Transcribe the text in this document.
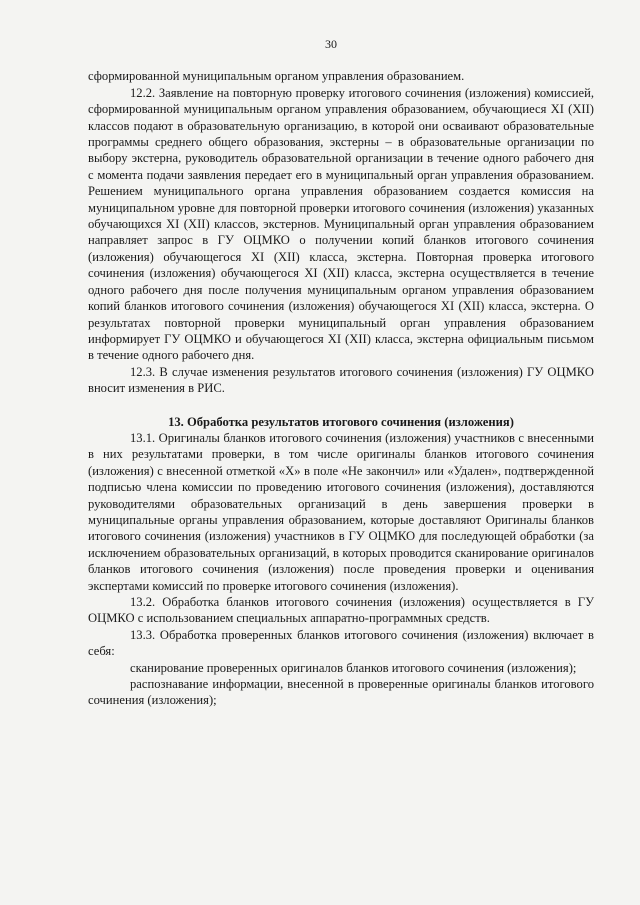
30

сформированной муниципальным органом управления образованием.

12.2. Заявление на повторную проверку итогового сочинения (изложения) комиссией, сформированной муниципальным органом управления образованием, обучающиеся XI (XII) классов подают в образовательную организацию, в которой они осваивают образовательные программы среднего общего образования, экстерны – в образовательные организации по выбору экстерна, руководитель образовательной организации в течение одного рабочего дня с момента подачи заявления передает его в муниципальный орган управления образованием. Решением муниципального органа управления образованием создается комиссия на муниципальном уровне для повторной проверки итогового сочинения (изложения) указанных обучающихся XI (XII) классов, экстернов. Муниципальный орган управления образованием направляет запрос в ГУ ОЦМКО о получении копий бланков итогового сочинения (изложения) обучающегося XI (XII) класса, экстерна. Повторная проверка итогового сочинения (изложения) обучающегося XI (XII) класса, экстерна осуществляется в течение одного рабочего дня после получения муниципальным органом управления образованием копий бланков итогового сочинения (изложения) обучающегося XI (XII) класса, экстерна. О результатах повторной проверки муниципальный орган управления образованием информирует ГУ ОЦМКО и обучающегося XI (XII) класса, экстерна официальным письмом в течение одного рабочего дня.

12.3. В случае изменения результатов итогового сочинения (изложения) ГУ ОЦМКО вносит изменения в РИС.

13. Обработка результатов итогового сочинения (изложения)

13.1. Оригиналы бланков итогового сочинения (изложения) участников с внесенными в них результатами проверки, в том числе оригиналы бланков итогового сочинения (изложения) с внесенной отметкой «Х» в поле «Не закончил» или «Удален», подтвержденной подписью члена комиссии по проведению итогового сочинения (изложения), доставляются руководителями образовательных организаций в день завершения проверки в муниципальные органы управления образованием, которые доставляют Оригиналы бланков итогового сочинения (изложения) участников в ГУ ОЦМКО для последующей обработки (за исключением образовательных организаций, в которых проводится сканирование оригиналов бланков итогового сочинения (изложения) после проведения проверки и оценивания экспертами комиссий по проверке итогового сочинения (изложения).

13.2. Обработка бланков итогового сочинения (изложения) осуществляется в ГУ ОЦМКО с использованием специальных аппаратно-программных средств.

13.3. Обработка проверенных бланков итогового сочинения (изложения) включает в себя:

сканирование проверенных оригиналов бланков итогового сочинения (изложения);

распознавание информации, внесенной в проверенные оригиналы бланков итогового сочинения (изложения);
